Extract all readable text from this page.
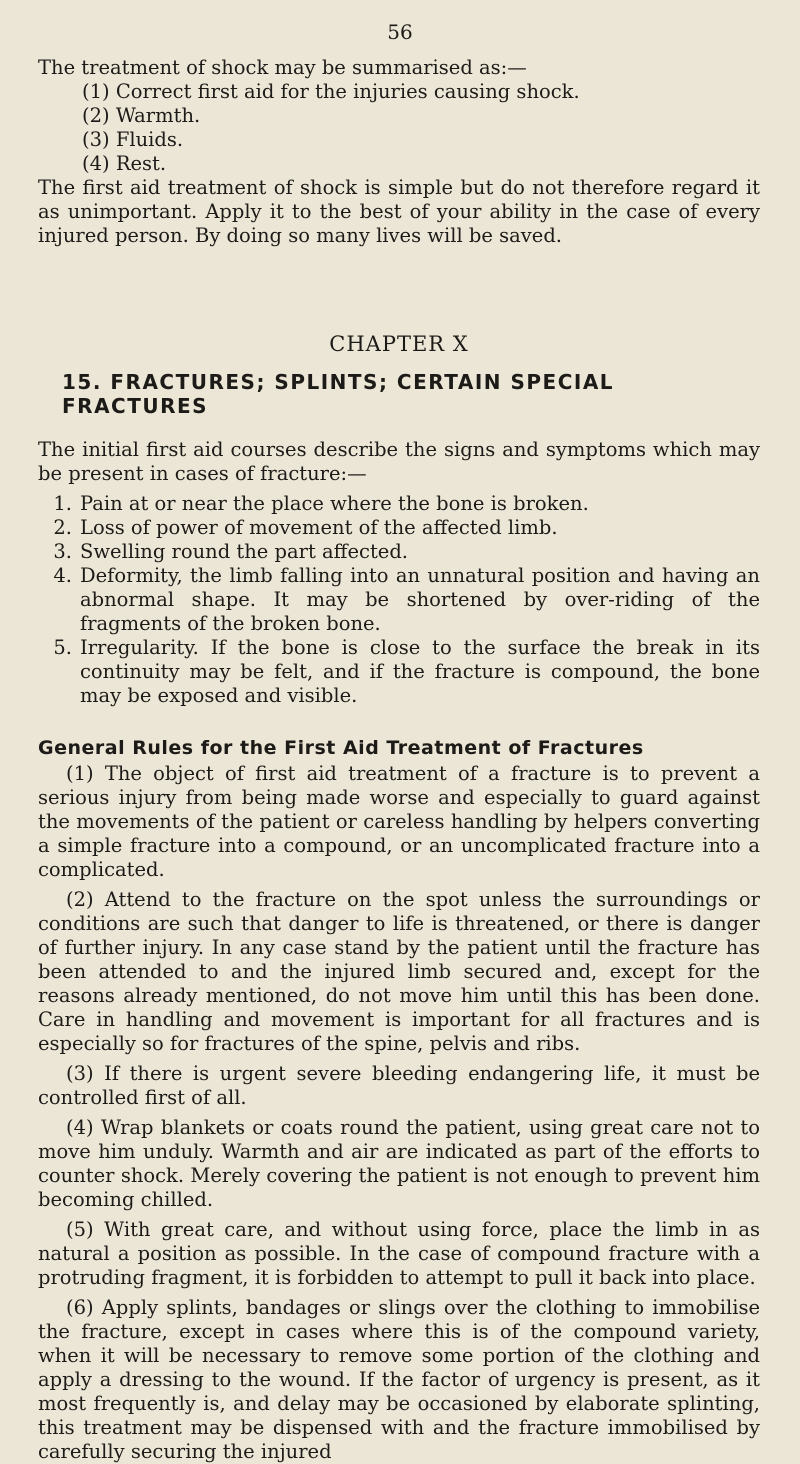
56

The treatment of shock may be summarised as:—

(1) Correct first aid for the injuries causing shock.
(2) Warmth.
(3) Fluids.
(4) Rest.

The first aid treatment of shock is simple but do not therefore regard it as unimportant. Apply it to the best of your ability in the case of every injured person. By doing so many lives will be saved.

CHAPTER X
15. FRACTURES; SPLINTS; CERTAIN SPECIAL FRACTURES

The initial first aid courses describe the signs and symptoms which may be present in cases of fracture:—

1. Pain at or near the place where the bone is broken.
2. Loss of power of movement of the affected limb.
3. Swelling round the part affected.
4. Deformity, the limb falling into an unnatural position and having an abnormal shape. It may be shortened by over-riding of the fragments of the broken bone.
5. Irregularity. If the bone is close to the surface the break in its continuity may be felt, and if the fracture is compound, the bone may be exposed and visible.
General Rules for the First Aid Treatment of Fractures

(1) The object of first aid treatment of a fracture is to prevent a serious injury from being made worse and especially to guard against the movements of the patient or careless handling by helpers converting a simple fracture into a compound, or an uncomplicated fracture into a complicated.

(2) Attend to the fracture on the spot unless the surroundings or conditions are such that danger to life is threatened, or there is danger of further injury. In any case stand by the patient until the fracture has been attended to and the injured limb secured and, except for the reasons already mentioned, do not move him until this has been done. Care in handling and movement is important for all fractures and is especially so for fractures of the spine, pelvis and ribs.

(3) If there is urgent severe bleeding endangering life, it must be controlled first of all.

(4) Wrap blankets or coats round the patient, using great care not to move him unduly. Warmth and air are indicated as part of the efforts to counter shock. Merely covering the patient is not enough to prevent him becoming chilled.

(5) With great care, and without using force, place the limb in as natural a position as possible. In the case of compound fracture with a protruding fragment, it is forbidden to attempt to pull it back into place.

(6) Apply splints, bandages or slings over the clothing to immobilise the fracture, except in cases where this is of the compound variety, when it will be necessary to remove some portion of the clothing and apply a dressing to the wound. If the factor of urgency is present, as it most frequently is, and delay may be occasioned by elaborate splinting, this treatment may be dispensed with and the fracture immobilised by carefully securing the injured
